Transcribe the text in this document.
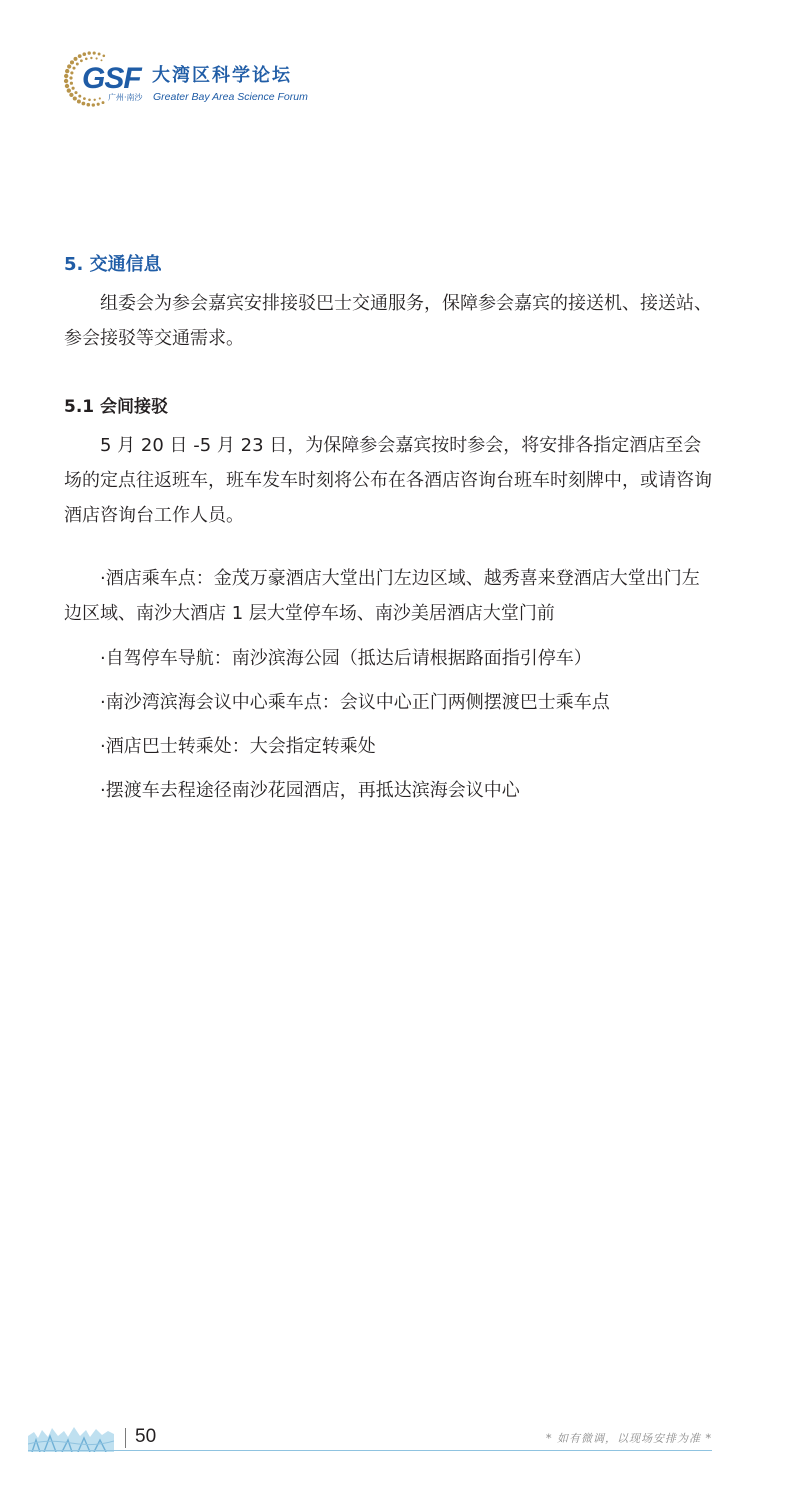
GSF
广州·南沙
大湾区科学论坛
Greater Bay Area Science Forum
5. 交通信息

组委会为参会嘉宾安排接驳巴士交通服务，保障参会嘉宾的接送机、接送站、参会接驳等交通需求。

5.1 会间接驳

5 月 20 日 -5 月 23 日，为保障参会嘉宾按时参会，将安排各指定酒店至会场的定点往返班车，班车发车时刻将公布在各酒店咨询台班车时刻牌中，或请咨询酒店咨询台工作人员。

·酒店乘车点：金茂万豪酒店大堂出门左边区域、越秀喜来登酒店大堂出门左边区域、南沙大酒店 1 层大堂停车场、南沙美居酒店大堂门前

·自驾停车导航：南沙滨海公园（抵达后请根据路面指引停车）

·南沙湾滨海会议中心乘车点：会议中心正门两侧摆渡巴士乘车点

·酒店巴士转乘处：大会指定转乘处

·摆渡车去程途径南沙花园酒店，再抵达滨海会议中心

50	* 如有微调，以现场安排为准 *
